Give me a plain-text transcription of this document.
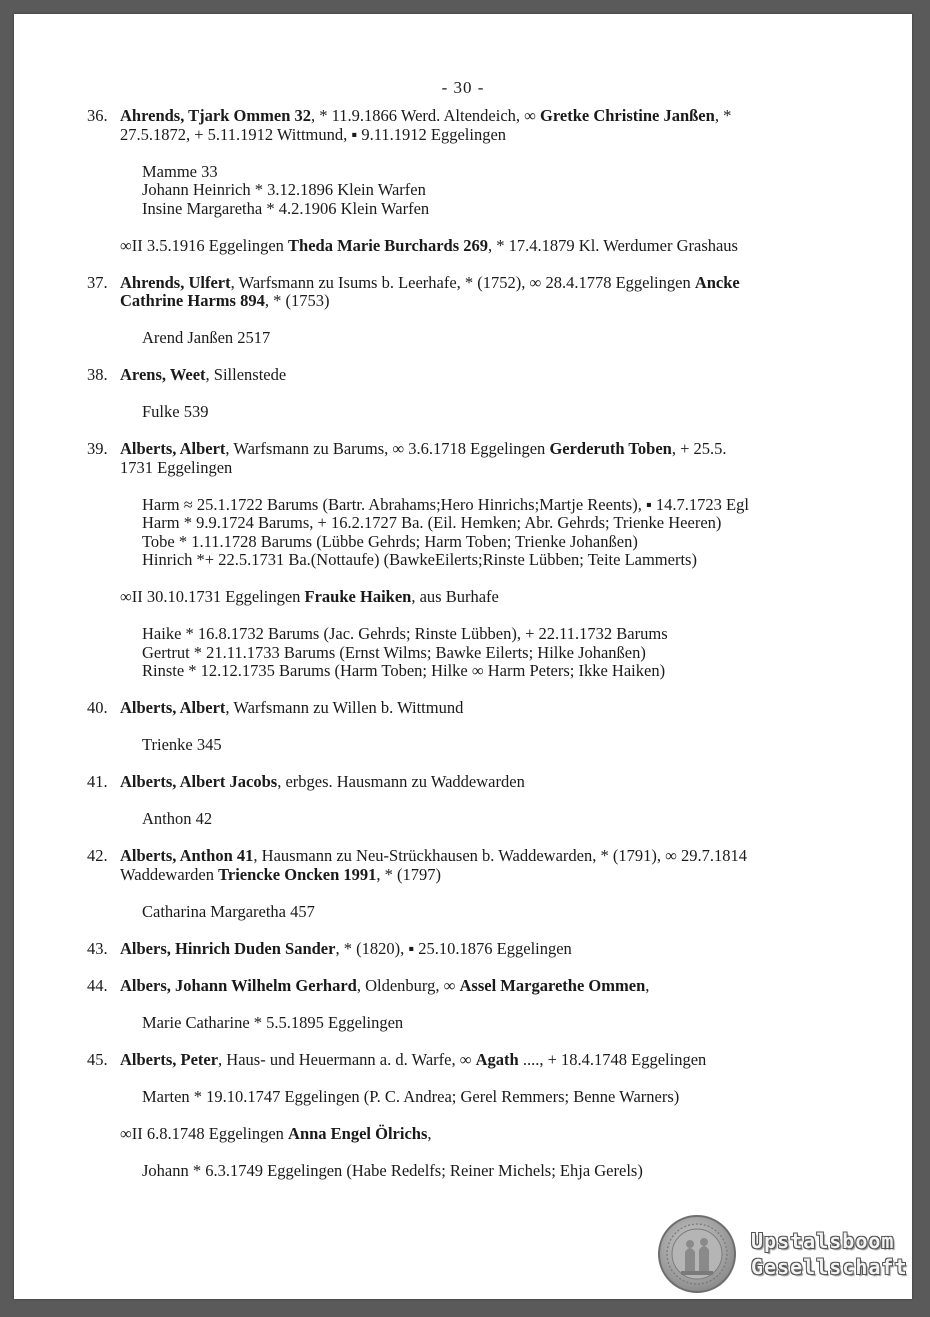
- 30 -
36. Ahrends, Tjark Ommen 32, * 11.9.1866 Werd. Altendeich, ∞ Gretke Christine Janßen, *
27.5.1872, + 5.11.1912 Wittmund, ▪ 9.11.1912 Eggelingen
Mamme 33
Johann Heinrich * 3.12.1896 Klein Warfen
Insine Margaretha * 4.2.1906 Klein Warfen
∞II 3.5.1916 Eggelingen Theda Marie Burchards 269, * 17.4.1879 Kl. Werdumer Grashaus
37. Ahrends, Ulfert, Warfsmann zu Isums b. Leerhafe, * (1752), ∞ 28.4.1778 Eggelingen Ancke
Cathrine Harms 894, * (1753)
Arend Janßen 2517
38. Arens, Weet, Sillenstede
Fulke 539
39. Alberts, Albert, Warfsmann zu Barums, ∞ 3.6.1718 Eggelingen Gerderuth Toben, + 25.5.
1731 Eggelingen
Harm ≈ 25.1.1722 Barums (Bartr. Abrahams;Hero Hinrichs;Martje Reents), ▪ 14.7.1723 Egl
Harm * 9.9.1724 Barums, + 16.2.1727 Ba. (Eil. Hemken; Abr. Gehrds; Trienke Heeren)
Tobe * 1.11.1728 Barums (Lübbe Gehrds; Harm Toben; Trienke Johanßen)
Hinrich *+ 22.5.1731 Ba.(Nottaufe) (BawkeEilerts;Rinste Lübben; Teite Lammerts)
∞II 30.10.1731 Eggelingen Frauke Haiken, aus Burhafe
Haike * 16.8.1732 Barums (Jac. Gehrds; Rinste Lübben), + 22.11.1732 Barums
Gertrut * 21.11.1733 Barums (Ernst Wilms; Bawke Eilerts; Hilke Johanßen)
Rinste * 12.12.1735 Barums (Harm Toben; Hilke ∞ Harm Peters; Ikke Haiken)
40. Alberts, Albert, Warfsmann zu Willen b. Wittmund
Trienke 345
41. Alberts, Albert Jacobs, erbges. Hausmann zu Waddewarden
Anthon 42
42. Alberts, Anthon 41, Hausmann zu Neu-Strückhausen b. Waddewarden, * (1791), ∞ 29.7.1814
Waddewarden Triencke Oncken 1991, * (1797)
Catharina Margaretha 457
43. Albers, Hinrich Duden Sander, * (1820), ▪ 25.10.1876 Eggelingen
44. Albers, Johann Wilhelm Gerhard, Oldenburg, ∞ Assel Margarethe Ommen,
Marie Catharine * 5.5.1895 Eggelingen
45. Alberts, Peter, Haus- und Heuermann a. d. Warfe, ∞ Agath ...., + 18.4.1748 Eggelingen
Marten * 19.10.1747 Eggelingen (P. C. Andrea; Gerel Remmers; Benne Warners)
∞II 6.8.1748 Eggelingen Anna Engel Ölrichs,
Johann * 6.3.1749 Eggelingen (Habe Redelfs; Reiner Michels; Ehja Gerels)
Upstalsboom
Gesellschaft
